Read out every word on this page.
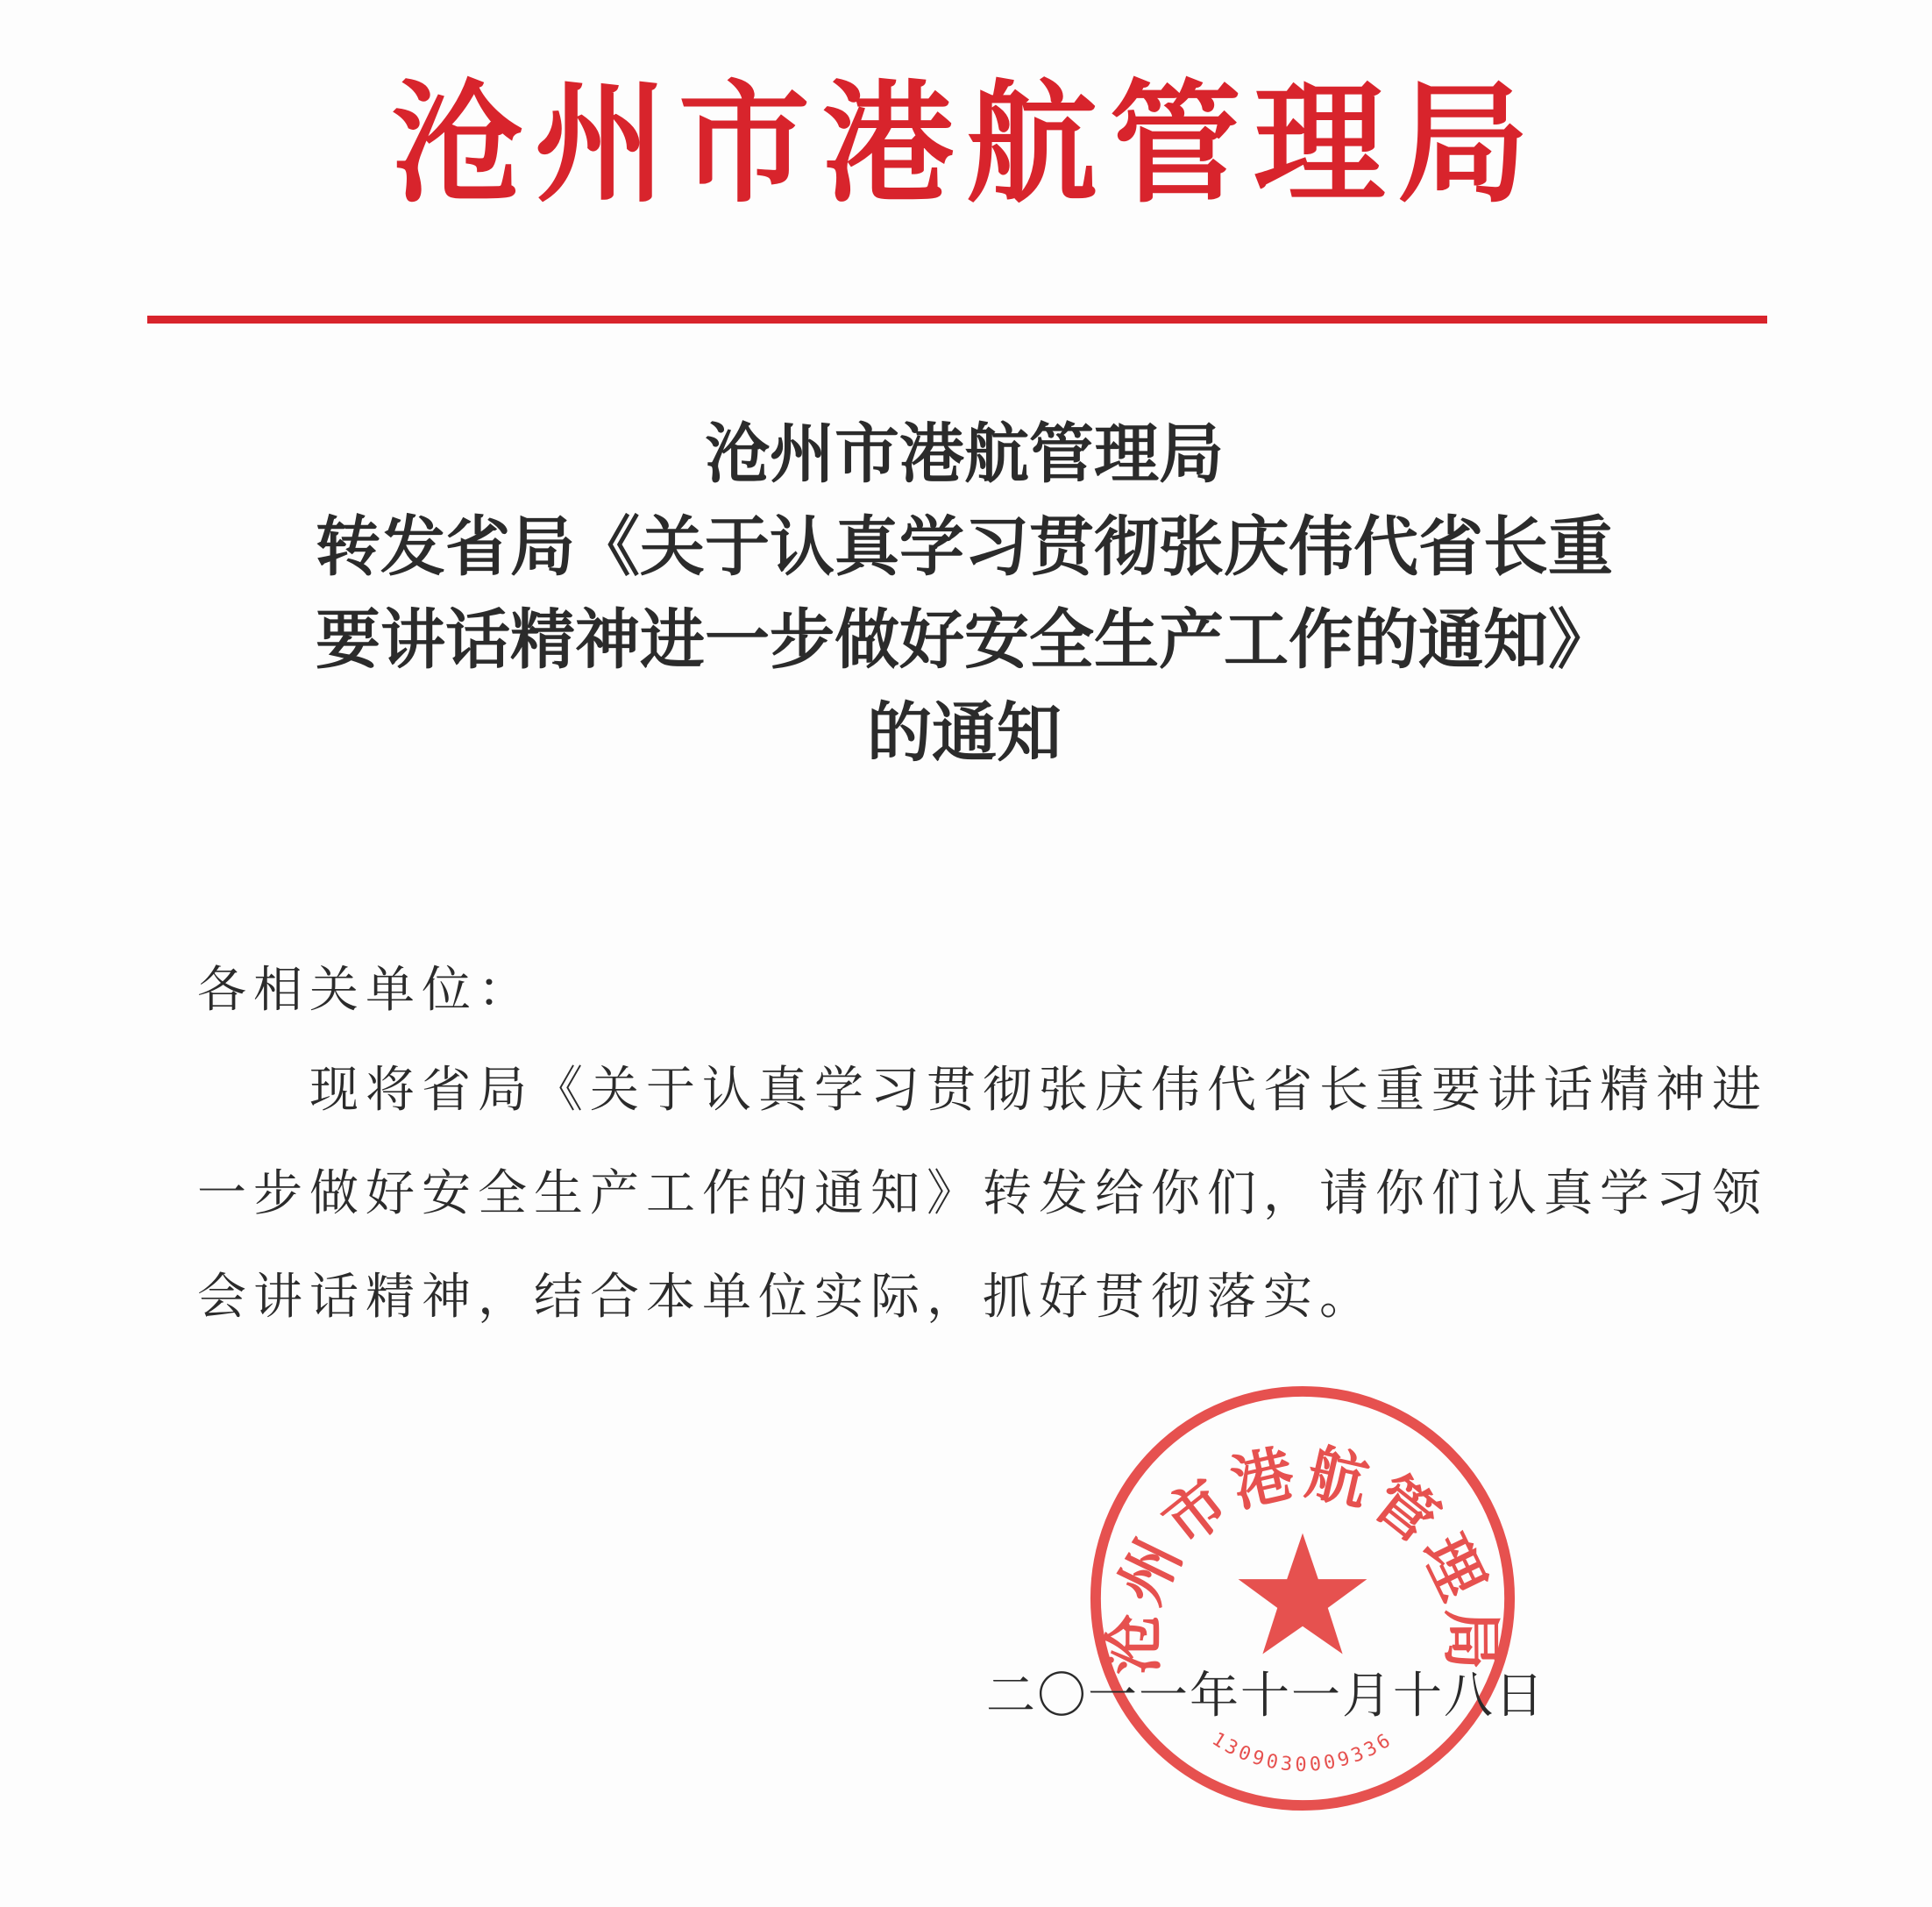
沧州市港航管理局
沧州市港航管理局
转发省局《关于认真学习贯彻张庆伟代省长重
要讲话精神进一步做好安全生产工作的通知》
的通知
各相关单位：
现将省局《关于认真学习贯彻张庆伟代省长重要讲话精神进
一步做好安全生产工作的通知》转发给你们，请你们认真学习领
会讲话精神，结合本单位实际，抓好贯彻落实。
沧州市港航管理局
1309030009336
二〇一一年十一月十八日
